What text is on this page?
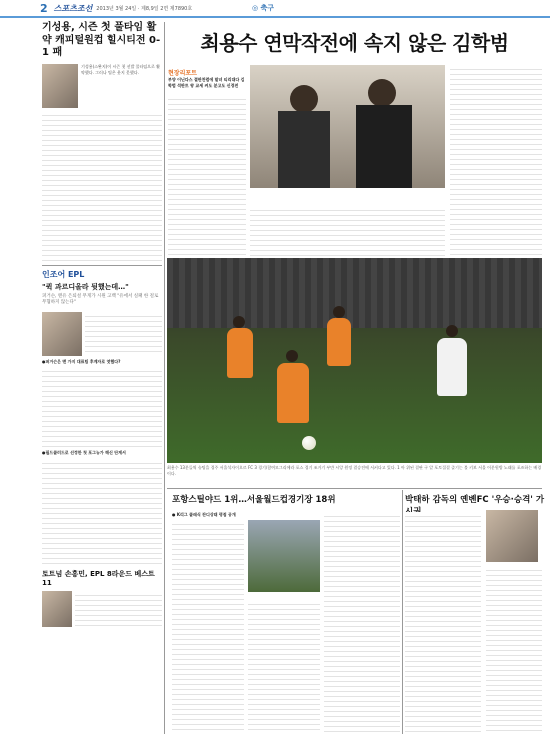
2 스포츠조선 2013년 3월 24일 · 제8,9일 2면 제7890호	◎ 축구
기성용, 시즌 첫 풀타임 활약 캐피털원컵 힐시티전 0-1 패
기성용(스완지)이 시즌 첫 선발 풀타임으로 활약했다. 그러나 팀은 웃지 못했다.
인조어 EPL
"퀵 과르디올라 뒷했는데…"
퍼거슨, 맨유 은퇴설 무게가 시원 고백 "유에서 실패 한 걸로 무협하지 않는다"
●퍼거슨은 맨 가지 대표팀 후계자로 엿했다?
●필드클러드로 선정한 첫 포그뉴가 해신 단계서
토트넘 손흥민, EPL 8라운드 베스트11
최용수 연막작전에 속지 않은 김학범
현장리포트
부양 이닌다스 결판찬럼에 말녀 티리대다 김학범 석판트 왕 교세 켜도 분고도 신경전
최용수 13분들씩 슈팅을 경주 서울석자이오르 FC 3 경기/참여모그리에라 포스 경기 조거기 부만 시앙 원정 결승전에 서커다고 있다. 1 아 위된 결판 구 알 포토절결 즐기는 볼 키보 서울 어분원방 노래를 포즈하는 배경이다.
포항스틸야드 1위…서울월드컵경기장 18위	박태하 감독의 옌볜FC '우승·승격' 가
● K리그 클래식 잔디상태 평점 공개
